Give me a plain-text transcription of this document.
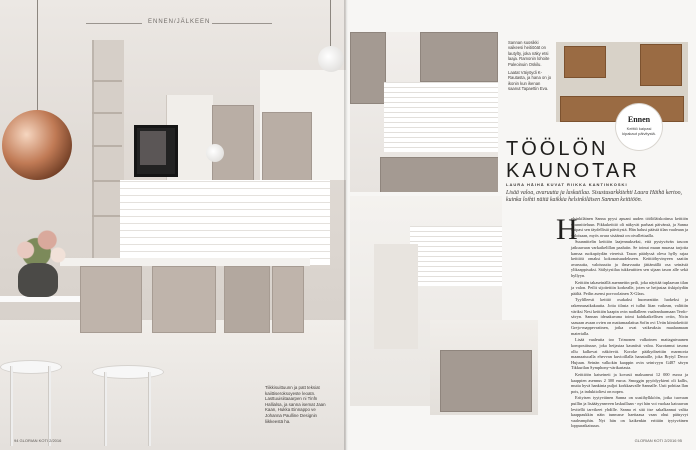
ENNEN/JÄLKEEN
Tiikkisuittuunn ja patt teksiat kaiittiseroksoyeste leoatn. Lasttuuisiitaaarpen ni Tinfn Hallialsa, ja sanna isemat Jaan Kaan, Hukka Einnappo ve Johanna Paulline Designin liikkeestä ha.
94 GLORIAN KOTI 2/2016

Sannan suosikki vaikeesi heitiööät on lautylty, joka näky etsi laaja. Ramonin lohoite Paleoinuin Oskilu.

Laatat Väiyöydi K-Rautasta, ja hana on jo ikonin kun ikenan saanut Tapaettin Eva.

Ennen
Keittiö kaipasi kipakaut päivitystä.
TÖÖLÖN
KAUNOTAR
LAURA HÄIHÄ KUVAT RIIKKA KANTINKOSKI
Lisää valoa, avaruutta ja laskutilaa. Sisustusarkkitehti Laura Häihä kertoo, kuinka loihti näitä kaikkia helsinkiläisen Sannan keittiöön.
H

elsinkiläinen Sanna pyysi apuani uuden töölöläiskotinsa keittiön suunnitteluun. Pikkukeittiö oli näkyvät parhaat päivänsä, ja Sanna kaipasi sen täydellistä päivitystä. Hän halusi päästä tilan vaaleaan ja valoisaan, myös avara sisäänsä on oivallettaalla.

Suunnittelin keittiön laajennukseksi, että pystyvävän tasoon jatkuuvaan varkaikelillan paaluiin. Se toinut muun muassa tarjotta kanssa ruokapöydän viereisä. Tason päädyssä oleva hylly rajaa keittiöä omaksi kokonaisuudekseen. Keittiöhyvinyeen saatiin avaruutta, valoisuutta ja ilmavuutta jättämällä osa seinästä ylikaappisuksi. Säilytystilaa tukkeutitten sen sijaan tason alle sekä hyllyyn.

Keittiön takaseinällä auenneitin peili, joka näyttää tuplaavan tilan ja valon. Peilit sijoitettiin korkealle, joten se heijastaa tiskipöydän päältä. Peilin asensi porvoolainen X-Glass.

Tyylilleesti keittiö osakaksi huomeattiin luokeksi ja rakennusaikakautta. Jotta tilasta ei tullut liian vaikean, valittiin väriksi Nesi keittiön kaapin ovin nadlalleen vaaleanharmaan Terdo-sävyn. Sannan ideaakuvana toimi kahtkaikellisen oviin, Nicin saasaan avaan ovien on mattamaalattua Sofin ovi Uvän kiintokeittiö Grejo-mappevratinen, jotka ovat vaikeuksia maalaamaan materialla.

Lisää vaaleutta too Trimonen valkoinen mattagatvaanen kompostituuse, joka heijastaa kauniisti valoa. Kurotamut tasona ollu kalkevat näköevät. Koroke pääkydisettiin marmoria maanaatucalla ehevvan kuvioillalla hanataille, joka Brytyl Decor Hujuun. Seinän valkokin kaappin ovin seinivyyn G487 sävyn Tikkurilan Symphony-värikartasta.

Keittiöön katseineti ja kovasti maksaneat 12 000 euroa ja kaappien asennus 2 300 euroa. Smoggin pyyödyykieni oli kallis, mutta hyvä hankinta puljoi korkkaavalle Sannalle. Uuti pohtiaa llan pois, ja induktioliesi on nopea.

Erityisen tyytyväinen Sanna on uusiihylkköön, jotka tuovaan puillin ja lisäääyynnveen laskuillaan - nyt hän voi vuokaa katraavan levitellä tarvikeet yhdille. Sanna ei sitä itse sakalkannat valita kaappaukkin näin tunnusse haettaaua vaan ohui pääsyvyt vaaleamphin. Nyt hän on kaikenkin erittäin tyytyväinen loppuratkaisuun.

GLORIAN KOTI 2/2016 95
